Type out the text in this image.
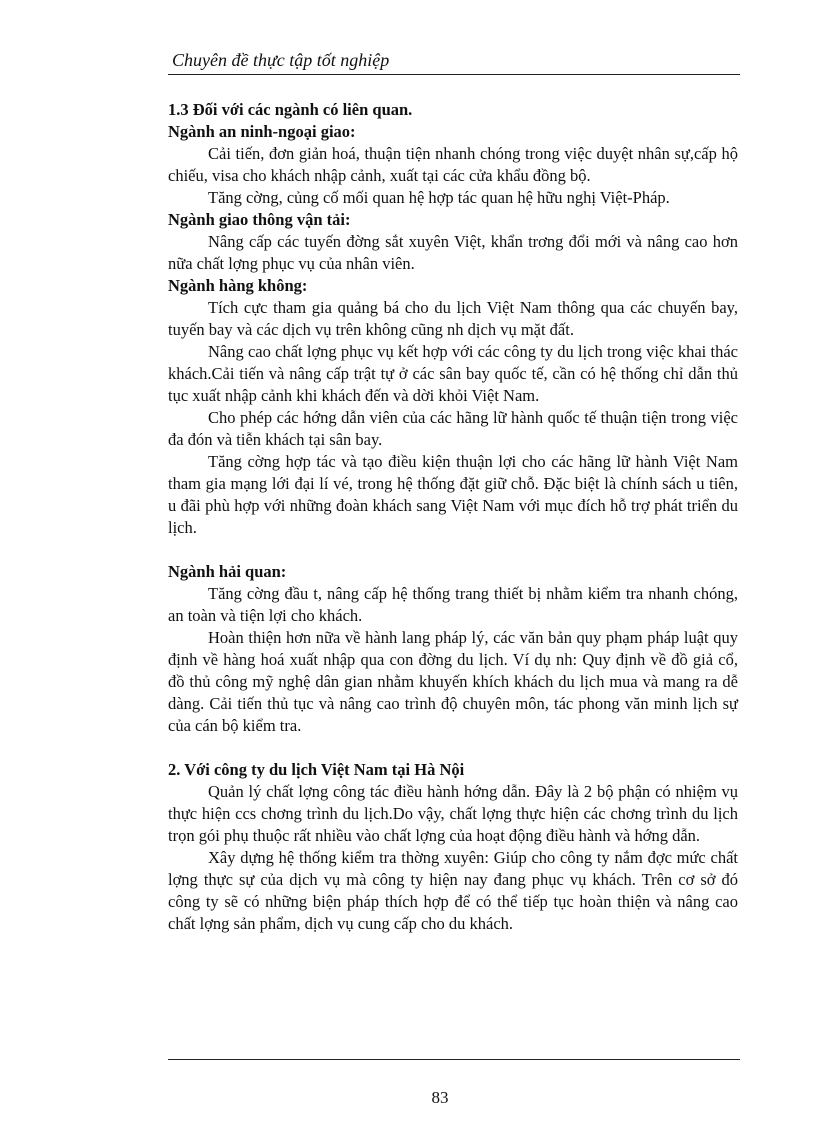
Chuyên đề thực tập tốt nghiệp

1.3 Đối với các ngành có liên quan.

Ngành an ninh-ngoại giao:

Cải tiến, đơn giản hoá, thuận tiện nhanh chóng trong việc duyệt nhân sự,cấp hộ chiếu, visa cho khách nhập cảnh, xuất tại các cửa khẩu đồng bộ.

Tăng cờng, củng cố mối quan hệ hợp tác quan hệ hữu nghị Việt-Pháp.

Ngành giao thông vận tải:

Nâng cấp các tuyến đờng sắt xuyên Việt, khẩn trơng đổi mới và nâng cao hơn nữa chất lợng phục vụ của nhân viên.

Ngành hàng không:

Tích cực tham gia quảng bá cho du lịch Việt Nam thông qua các chuyến bay, tuyến bay và các dịch vụ trên không cũng nh dịch vụ mặt đất.

Nâng cao chất lợng phục vụ kết hợp với các công ty du lịch trong việc khai thác khách.Cải tiến và nâng cấp trật tự ở các sân bay quốc tế, cần có hệ thống chỉ dẫn thủ tục xuất nhập cảnh khi khách đến và dời khỏi Việt Nam.

Cho phép các hớng dẫn viên của các hãng lữ hành quốc tế thuận tiện trong việc đa đón và tiễn khách tại sân bay.

Tăng cờng hợp tác và tạo điều kiện thuận lợi cho các hãng lữ hành Việt Nam tham gia mạng lới đại lí vé, trong hệ thống đặt giữ chỗ. Đặc biệt là chính sách u tiên, u đãi phù hợp với những đoàn khách sang Việt Nam với mục đích hỗ trợ phát triển du lịch.

Ngành hải quan:

Tăng cờng đầu t, nâng cấp hệ thống trang thiết bị nhằm kiểm tra nhanh chóng, an toàn và tiện lợi cho khách.

Hoàn thiện hơn nữa về hành lang pháp lý, các văn bản quy phạm pháp luật quy định về hàng hoá xuất nhập qua con đờng du lịch. Ví dụ nh: Quy định về đồ giả cổ, đồ thủ công mỹ nghệ dân gian nhằm khuyến khích khách du lịch mua và mang ra dễ dàng. Cải tiến thủ tục và nâng cao trình độ chuyên môn, tác phong văn minh lịch sự của cán bộ kiểm tra.

2. Với công ty du lịch Việt Nam tại Hà Nội

Quản lý chất lợng công tác điều hành hớng dẫn. Đây là 2 bộ phận có nhiệm vụ thực hiện ccs chơng trình du lịch.Do vậy, chất lợng thực hiện các chơng trình du lịch trọn gói phụ thuộc rất nhiều vào chất lợng của hoạt động điều hành và hớng dẫn.

Xây dựng hệ thống kiểm tra thờng xuyên: Giúp cho công ty nắm đợc mức chất lợng thực sự của dịch vụ mà công ty hiện nay đang phục vụ khách. Trên cơ sở đó công ty sẽ có những biện pháp thích hợp để có thể tiếp tục hoàn thiện và nâng cao chất lợng sản phẩm, dịch vụ cung cấp cho du khách.

83
